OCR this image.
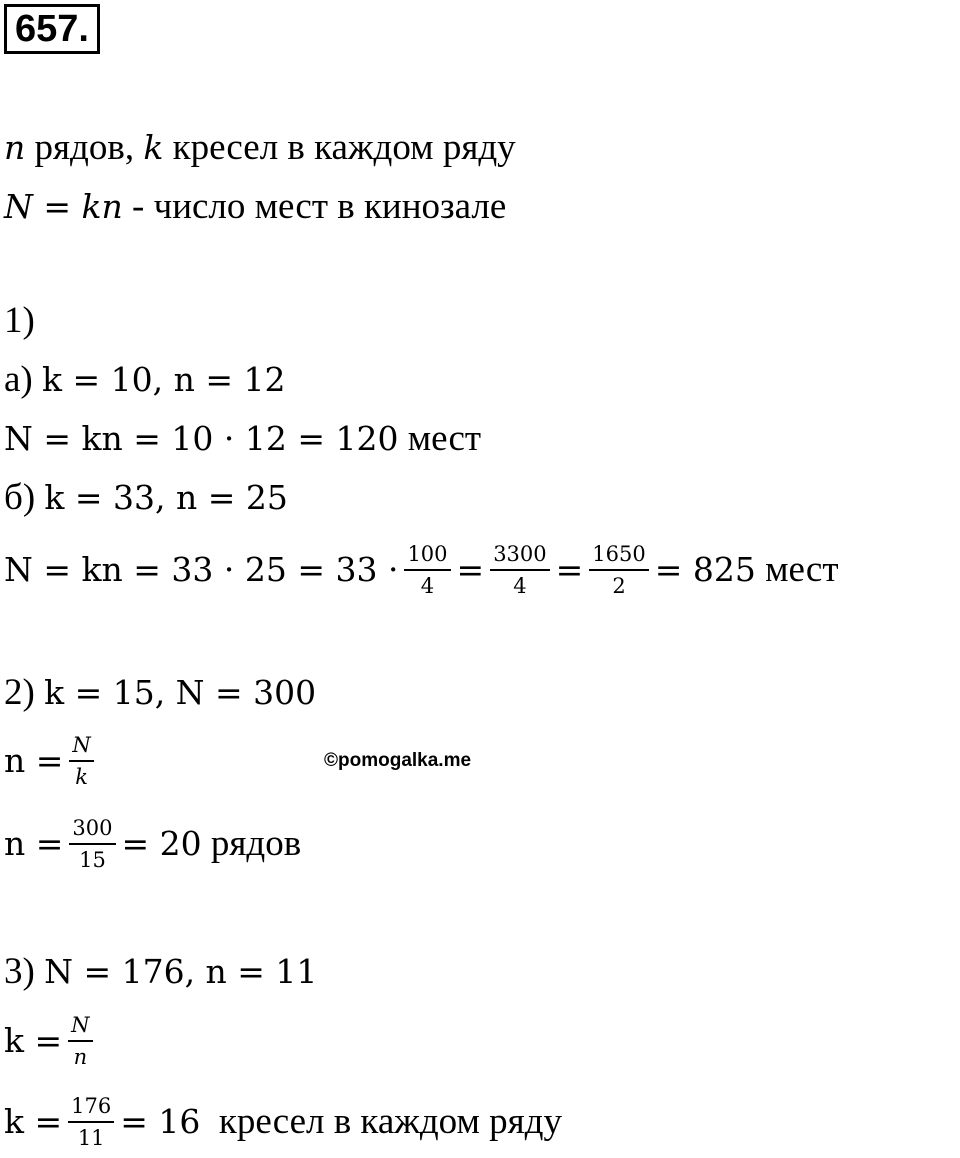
657.
n рядов, k кресел в каждом ряду
N = kn - число мест в кинозале
1)
а) k = 10, n = 12
N = kn = 10 · 12 = 120 мест
б) k = 33, n = 25
N = kn = $33 \cdot 25 = 33 \cdot \frac{100}{4} = \frac{3300}{4} = \frac{1650}{2} = 825$ мест
2) k = 15, N = 300
$n = \frac{N}{k}$
$n = \frac{300}{15} = 20$ рядов
3) N = 176, n = 11
$k = \frac{N}{n}$
$k = \frac{176}{11} = 16$ кресел в каждом ряду
©pomogalka.me
